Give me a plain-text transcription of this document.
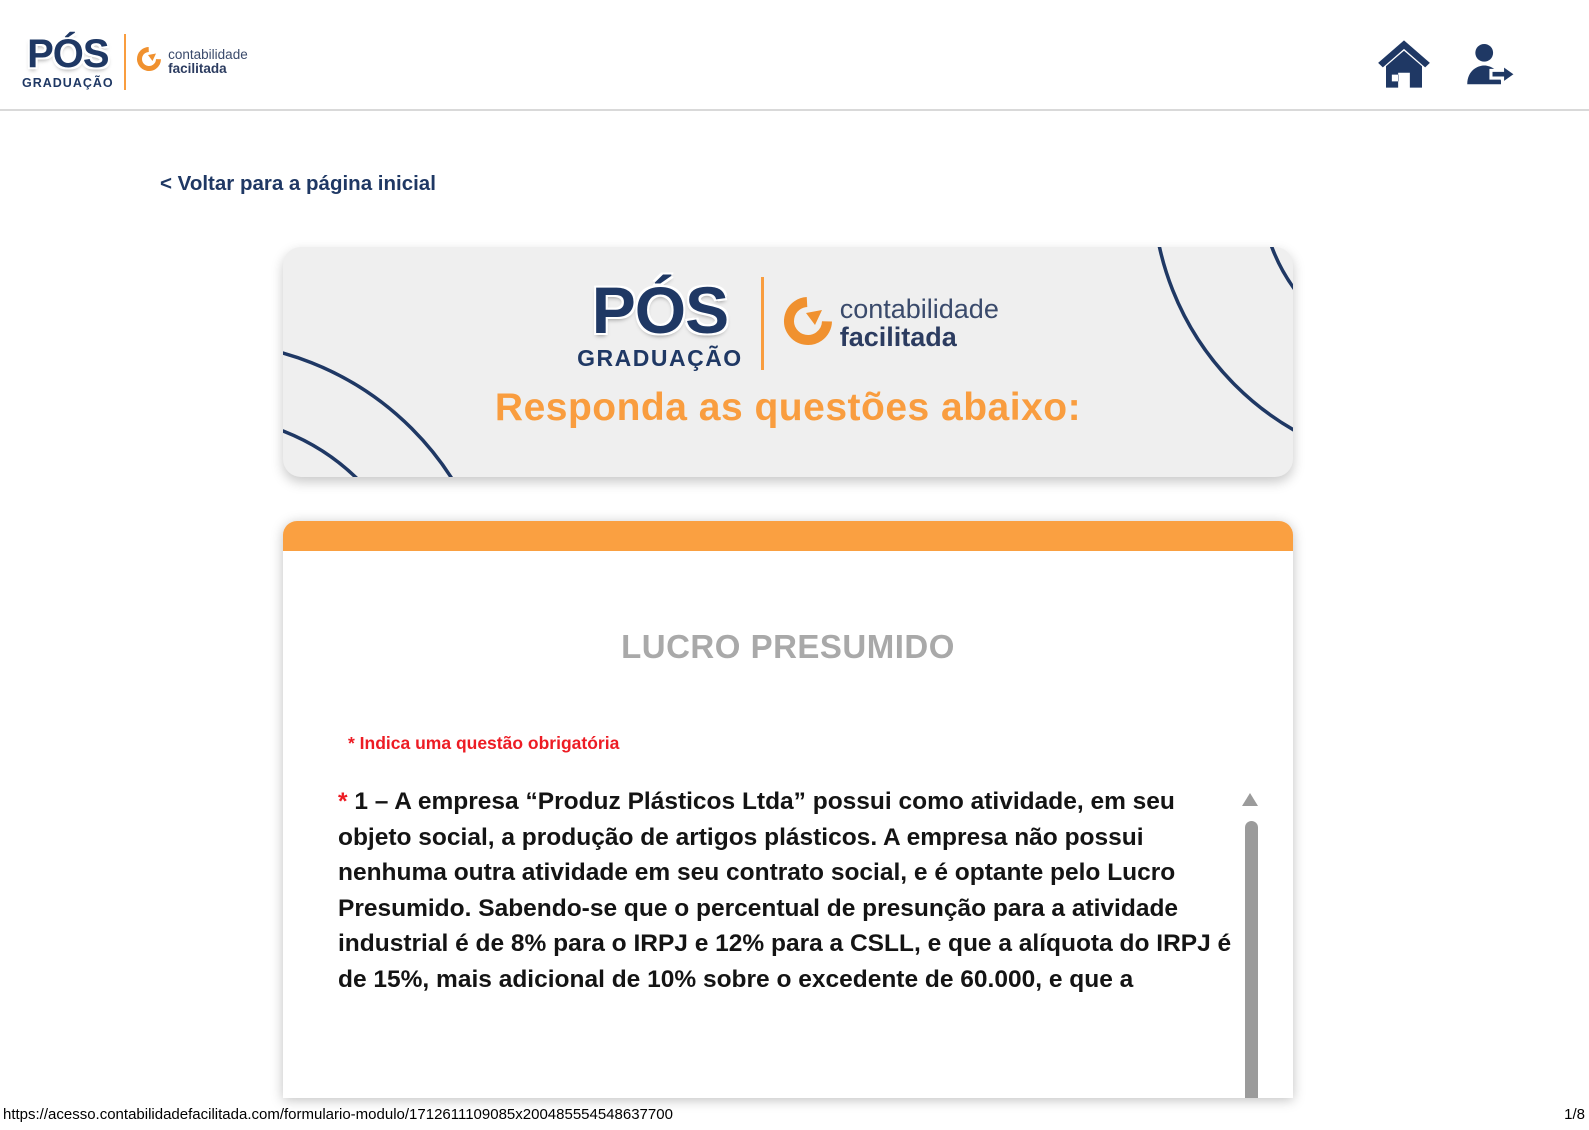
PÓS
GRADUAÇÃO
contabilidade
facilitada
< Voltar para a página inicial
PÓS
GRADUAÇÃO
contabilidade
facilitada
Responda as questões abaixo:
LUCRO PRESUMIDO
* Indica uma questão obrigatória
* 1 – A empresa “Produz Plásticos Ltda” possui como atividade, em seu
objeto social, a produção de artigos plásticos. A empresa não possui
nenhuma outra atividade em seu contrato social, e é optante pelo Lucro
Presumido. Sabendo-se que o percentual de presunção para a atividade
industrial é de 8% para o IRPJ e 12% para a CSLL, e que a alíquota do IRPJ é
de 15%, mais adicional de 10% sobre o excedente de 60.000, e que a
https://acesso.contabilidadefacilitada.com/formulario-modulo/1712611109085x200485554548637700	1/8
